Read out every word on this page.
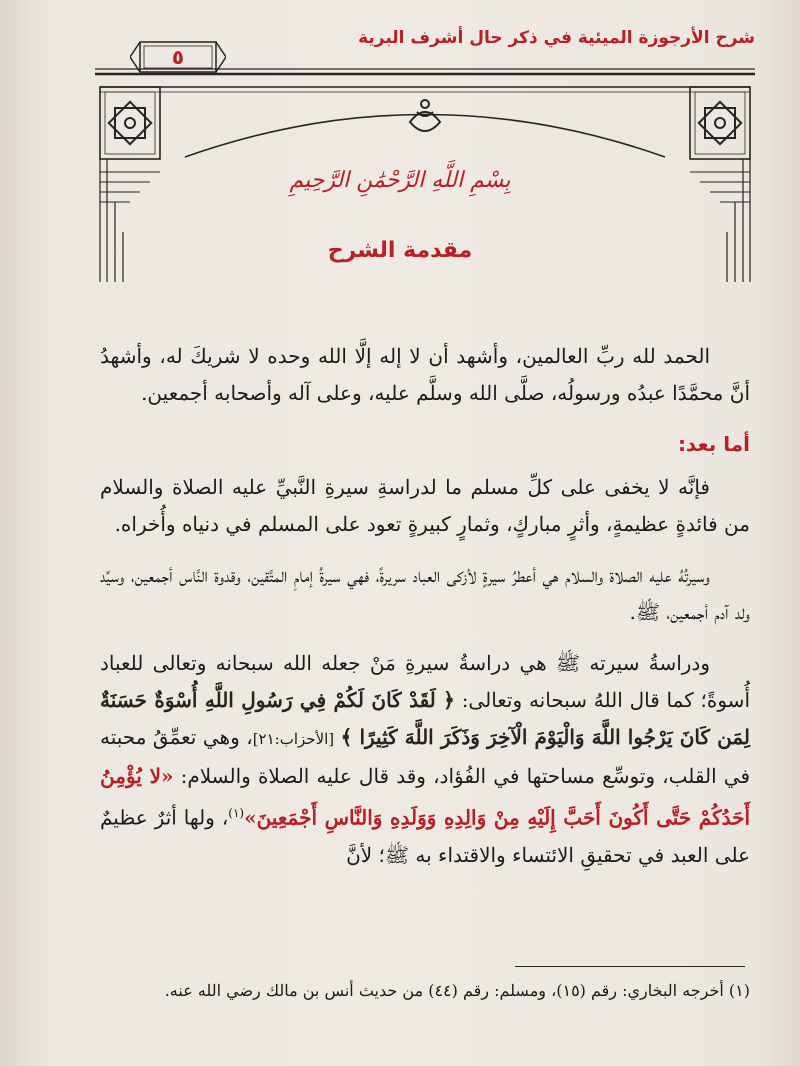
شرح الأرجوزة الميئية في ذكر حال أشرف البرية
٥
بِسْمِ اللَّهِ الرَّحْمَٰنِ الرَّحِيمِ
مقدمة الشرح

الحمد لله ربِّ العالمين، وأشهد أن لا إله إلَّا الله وحده لا شريكَ له، وأشهدُ أنَّ محمَّدًا عبدُه ورسولُه، صلَّى الله وسلَّم عليه، وعلى آله وأصحابه أجمعين.

أما بعد:

فإنَّه لا يخفى على كلِّ مسلم ما لدراسةِ سيرةِ النَّبيِّ عليه الصلاة والسلام من فائدةٍ عظيمةٍ، وأثرٍ مباركٍ، وثمارٍ كبيرةٍ تعود على المسلم في دنياه وأُخراه.

وسيرتُهُ عليه الصلاة والسلام هي أعطرُ سيرةٍ لأزكى العباد سريرةً، فهي سيرةُ إمامِ المتَّقين، وقدوة النَّاس أجمعين، وسيِّد ولد آدم أجمعين، ﷺ.

ودراسةُ سيرته ﷺ هي دراسةُ سيرةِ مَنْ جعله الله سبحانه وتعالى للعباد أُسوةً؛ كما قال اللهُ سبحانه وتعالى: ﴿ لَقَدْ كَانَ لَكُمْ فِي رَسُولِ اللَّهِ أُسْوَةٌ حَسَنَةٌ لِمَن كَانَ يَرْجُوا اللَّهَ وَالْيَوْمَ الْآخِرَ وَذَكَرَ اللَّهَ كَثِيرًا ﴾ [الأحزاب:٢١]، وهي تعمِّقُ محبته في القلب، وتوسِّع مساحتها في الفُؤاد، وقد قال عليه الصلاة والسلام: «لا يُؤْمِنُ أَحَدُكُمْ حَتَّى أَكُونَ أَحَبَّ إِلَيْهِ مِنْ وَالِدِهِ وَوَلَدِهِ وَالنَّاسِ أَجْمَعِينَ»$^{(١)}$، ولها أثرٌ عظيمٌ على العبد في تحقيقِ الائتساء والاقتداء به ﷺ؛ لأنَّ

(١) أخرجه البخاري: رقم (١٥)، ومسلم: رقم (٤٤) من حديث أنس بن مالك رضي الله عنه.
